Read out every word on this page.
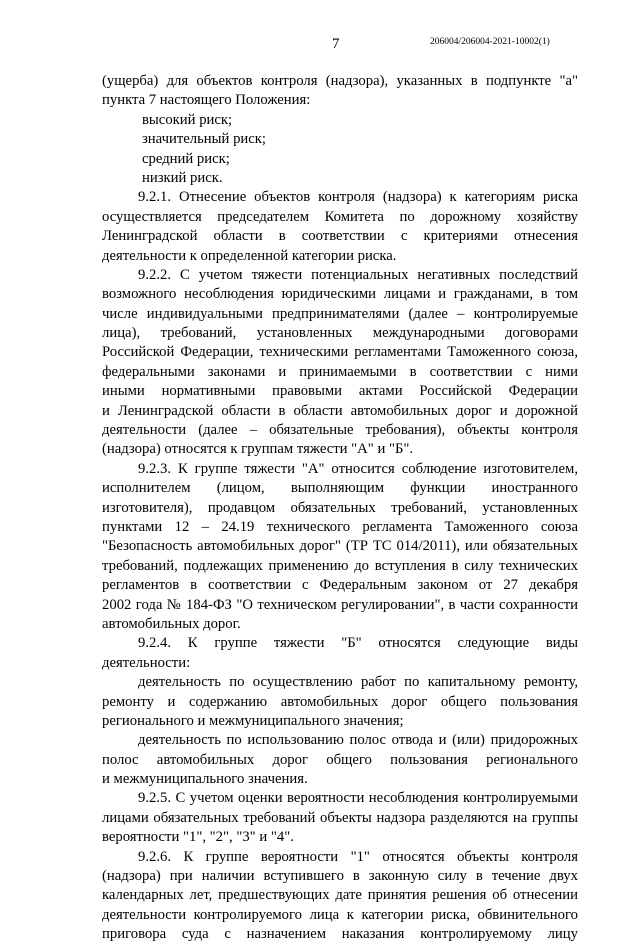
7	206004/206004-2021-10002(1)
(ущерба) для объектов контроля (надзора), указанных в подпункте "а"
пункта 7 настоящего Положения:
высокий риск;
значительный риск;
средний риск;
низкий риск.
9.2.1. Отнесение объектов контроля (надзора) к категориям риска
осуществляется председателем Комитета по дорожному хозяйству
Ленинградской области в соответствии с критериями отнесения
деятельности к определенной категории риска.
9.2.2. С учетом тяжести потенциальных негативных последствий
возможного несоблюдения юридическими лицами и гражданами, в том
числе индивидуальными предпринимателями (далее – контролируемые
лица), требований, установленных международными договорами
Российской Федерации, техническими регламентами Таможенного союза,
федеральными законами и принимаемыми в соответствии с ними
иными нормативными правовыми актами Российской Федерации
и Ленинградской области в области автомобильных дорог и дорожной
деятельности (далее – обязательные требования), объекты контроля
(надзора) относятся к группам тяжести "А" и "Б".
9.2.3. К группе тяжести "А" относится соблюдение изготовителем,
исполнителем (лицом, выполняющим функции иностранного
изготовителя), продавцом обязательных требований, установленных
пунктами 12 – 24.19 технического регламента Таможенного союза
"Безопасность автомобильных дорог" (ТР ТС 014/2011), или обязательных
требований, подлежащих применению до вступления в силу технических
регламентов в соответствии с Федеральным законом от 27 декабря
2002 года № 184-ФЗ "О техническом регулировании", в части сохранности
автомобильных дорог.
9.2.4. К группе тяжести "Б" относятся следующие виды
деятельности:
деятельность по осуществлению работ по капитальному ремонту,
ремонту и содержанию автомобильных дорог общего пользования
регионального и межмуниципального значения;
деятельность по использованию полос отвода и (или) придорожных
полос автомобильных дорог общего пользования регионального
и межмуниципального значения.
9.2.5. С учетом оценки вероятности несоблюдения контролируемыми
лицами обязательных требований объекты надзора разделяются на группы
вероятности "1", "2", "3" и "4".
9.2.6. К группе вероятности "1" относятся объекты контроля
(надзора) при наличии вступившего в законную силу в течение двух
календарных лет, предшествующих дате принятия решения об отнесении
деятельности контролируемого лица к категории риска, обвинительного
приговора суда с назначением наказания контролируемому лицу
